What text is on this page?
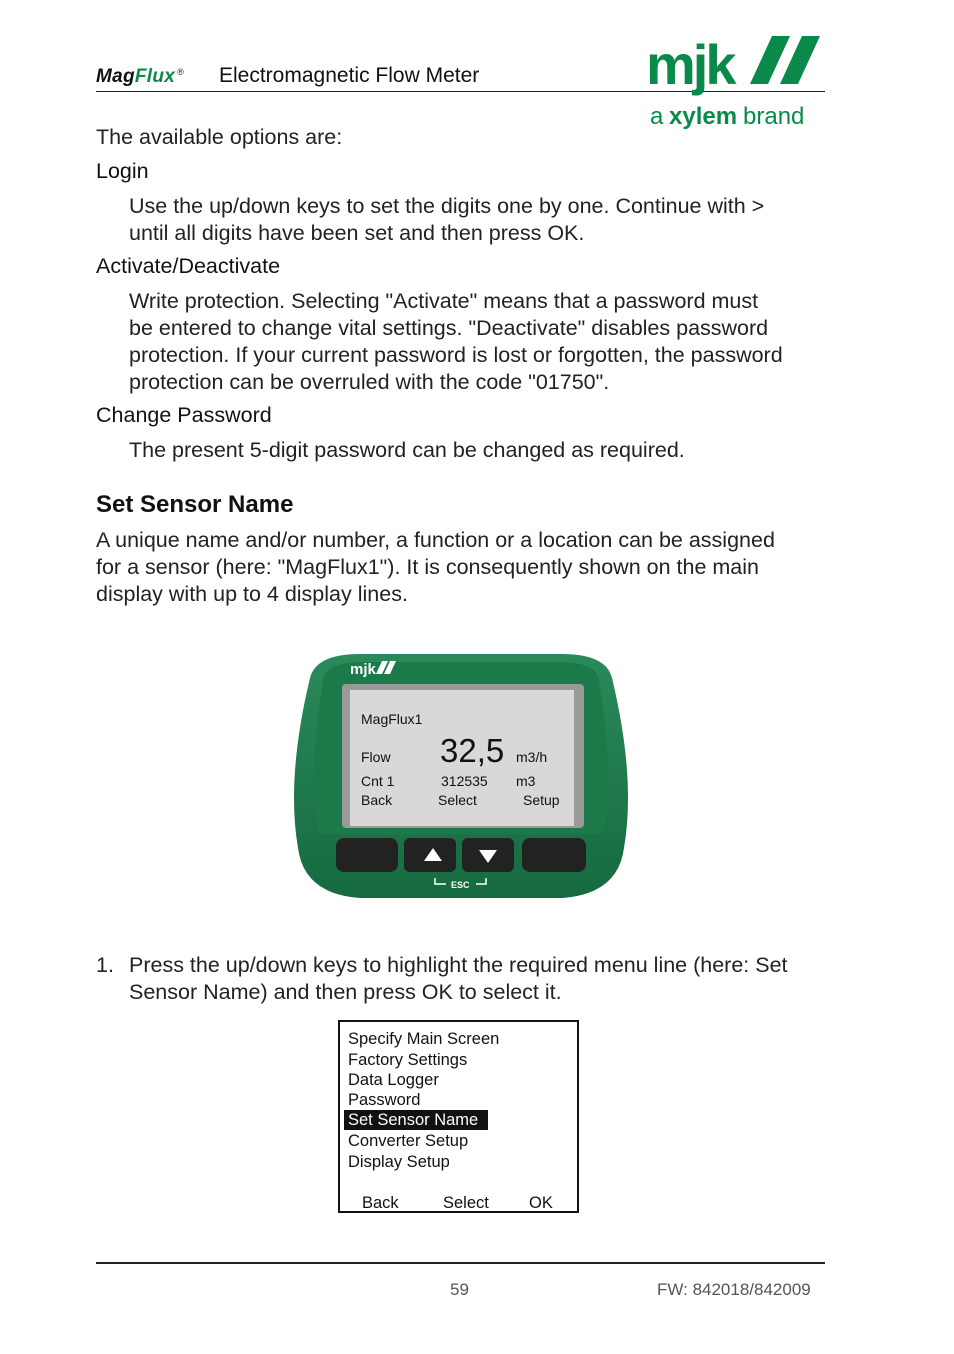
MagFlux ® Electromagnetic Flow Meter	mjk
a xylem brand
The available options are:
Login
Use the up/down keys to set the digits one by one. Continue with >
until all digits have been set and then press OK.
Activate/Deactivate
Write protection. Selecting "Activate" means that a password must
be entered to change vital settings. "Deactivate" disables password
protection. If your current password is lost or forgotten, the password
protection can be overruled with the code "01750".
Change Password
The present 5-digit password can be changed as required.
Set Sensor Name
A unique name and/or number, a function or a location can be assigned
for a sensor (here: "MagFlux1"). It is consequently shown on the main
display with up to 4 display lines.
mjk
ESC
MagFlux1
Flow 32,5 m3/h
Cnt 1	312535 m3
Back	Select	Setup
1. Press the up/down keys to highlight the required menu line (here: Set
Sensor Name) and then press OK to select it.
Specify Main Screen
Factory Settings
Data Logger
Password
Set Sensor Name
Converter Setup
Display Setup
Back	Select OK
59	FW: 842018/842009
